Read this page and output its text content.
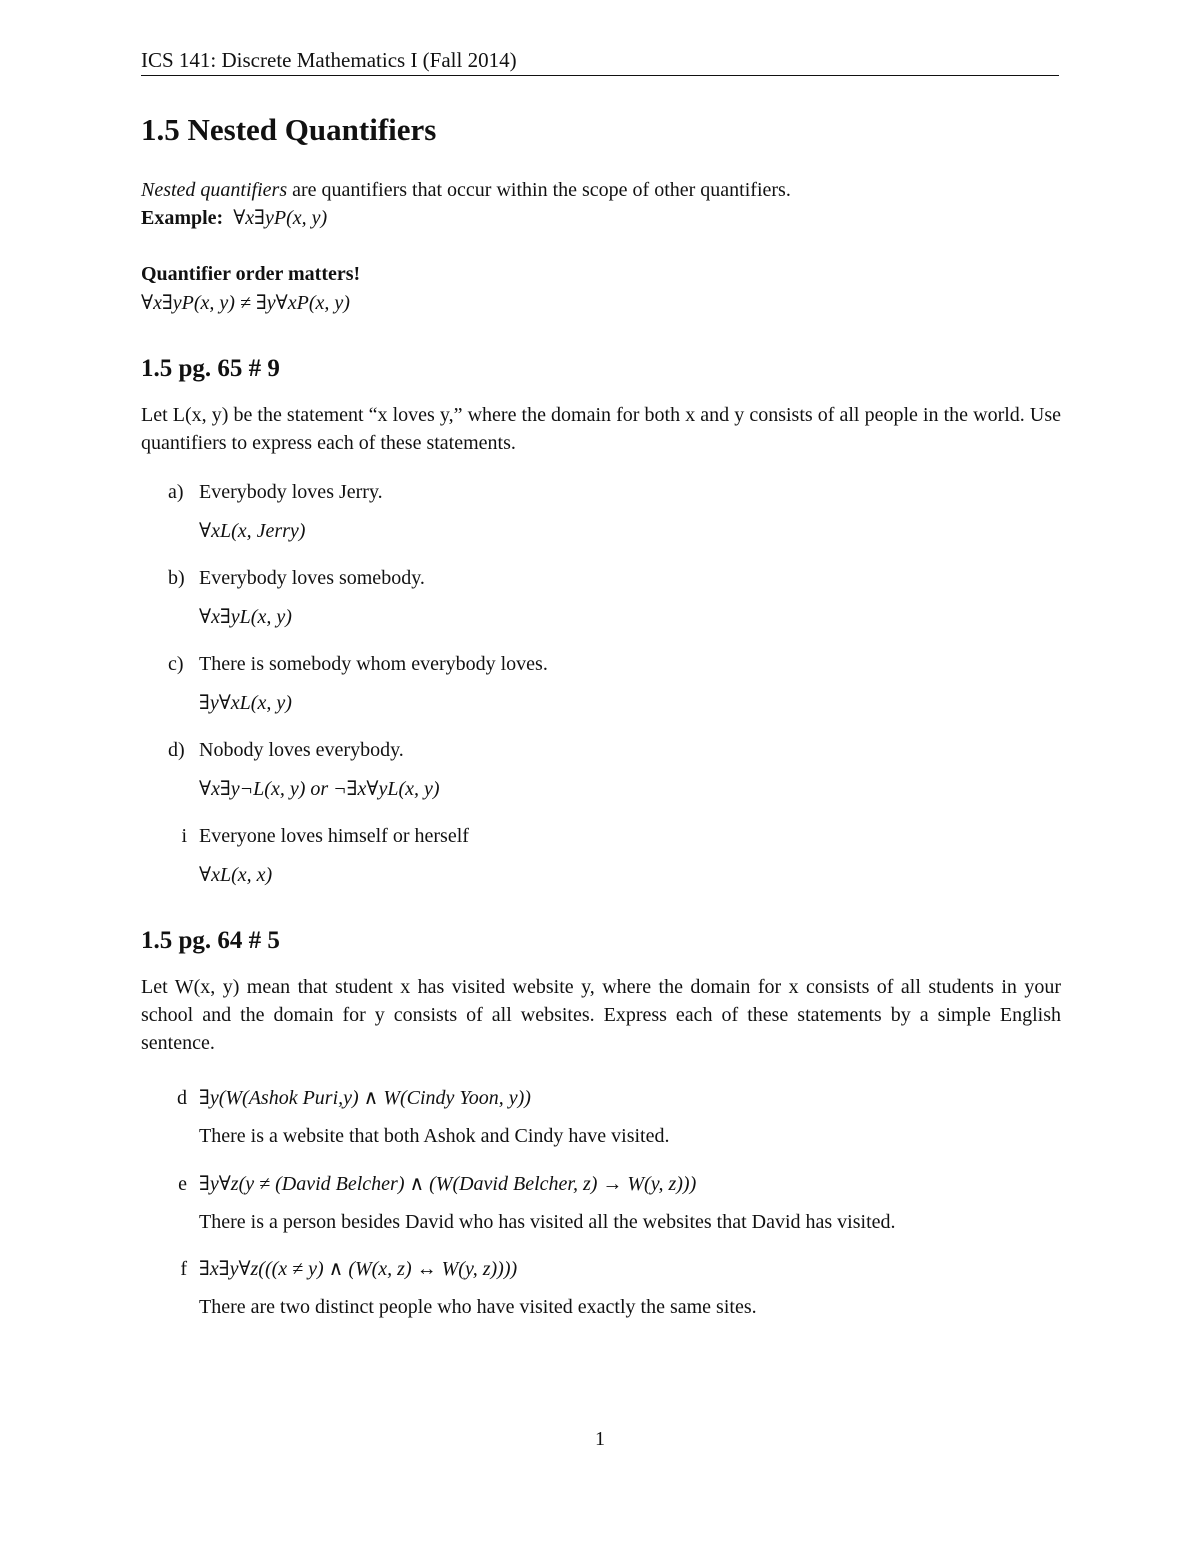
ICS 141: Discrete Mathematics I (Fall 2014)
1.5 Nested Quantifiers
Nested quantifiers are quantifiers that occur within the scope of other quantifiers.
Example: ∀x∃yP(x, y)
Quantifier order matters!
∀x∃yP(x, y) ≠ ∃y∀xP(x, y)
1.5 pg. 65 # 9
Let L(x, y) be the statement “x loves y,” where the domain for both x and y consists of all people in the world. Use quantifiers to express each of these statements.
a) Everybody loves Jerry.
∀xL(x, Jerry)
b) Everybody loves somebody.
∀x∃yL(x, y)
c) There is somebody whom everybody loves.
∃y∀xL(x, y)
d) Nobody loves everybody.
∀x∃y¬L(x, y) or ¬∃x∀yL(x, y)
i Everyone loves himself or herself
∀xL(x, x)
1.5 pg. 64 # 5
Let W(x, y) mean that student x has visited website y, where the domain for x consists of all students in your school and the domain for y consists of all websites. Express each of these statements by a simple English sentence.
d ∃y(W(Ashok Puri,y) ∧ W(Cindy Yoon, y))
There is a website that both Ashok and Cindy have visited.
e ∃y∀z(y ≠ (David Belcher) ∧ (W(David Belcher, z) → W(y, z)))
There is a person besides David who has visited all the websites that David has visited.
f ∃x∃y∀z(((x ≠ y) ∧ (W(x, z) ↔ W(y, z))))
There are two distinct people who have visited exactly the same sites.
1
